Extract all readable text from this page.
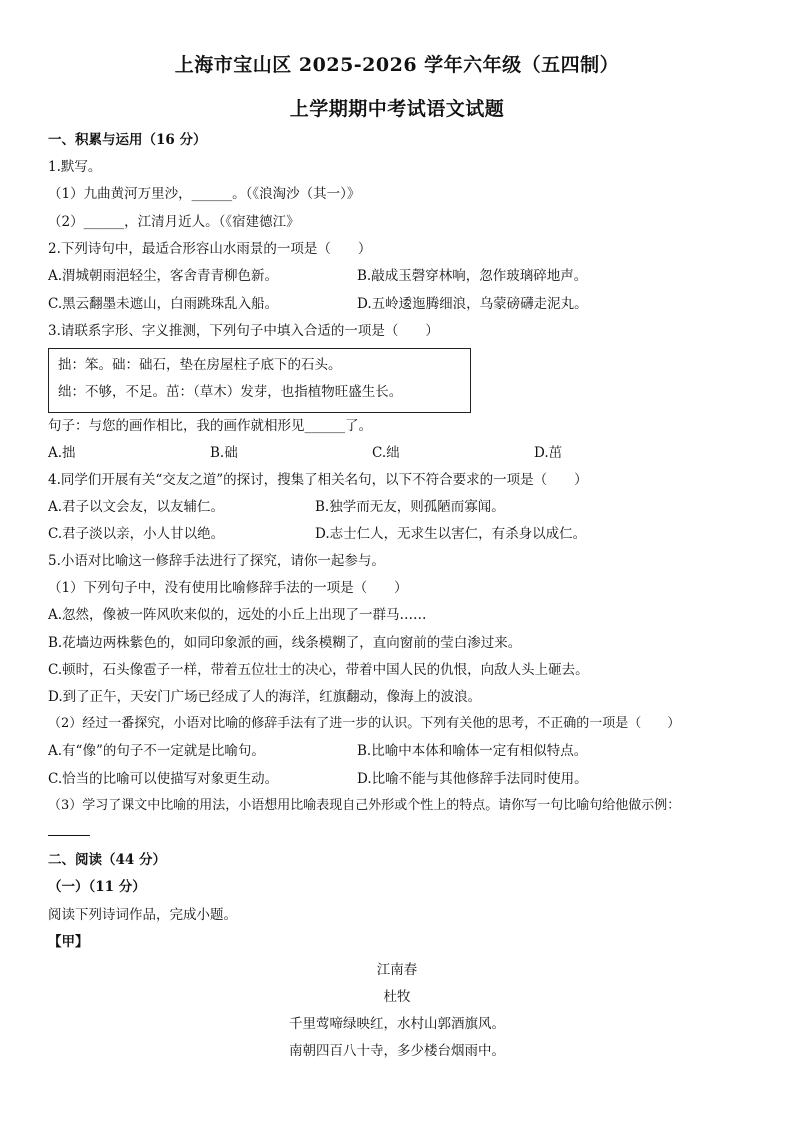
上海市宝山区 2025-2026 学年六年级（五四制）
上学期期中考试语文试题
一、积累与运用（16 分）
1.默写。
（1）九曲黄河万里沙，______。（《浪淘沙（其一）》
（2）______，江清月近人。（《宿建德江》
2.下列诗句中，最适合形容山水雨景的一项是（　　）
A.渭城朝雨浥轻尘，客舍青青柳色新。	B.敲成玉磬穿林响，忽作玻璃碎地声。
C.黑云翻墨未遮山，白雨跳珠乱入船。	D.五岭逶迤腾细浪，乌蒙磅礴走泥丸。
3.请联系字形、字义推测，下列句子中填入合适的一项是（　　）
拙：笨。础：础石，垫在房屋柱子底下的石头。
绌：不够，不足。茁：（草木）发芽，也指植物旺盛生长。
句子：与您的画作相比，我的画作就相形见______了。
A.拙	B.础	C.绌	D.茁
4.同学们开展有关“交友之道”的探讨，搜集了相关名句，以下不符合要求的一项是（　　）
A.君子以文会友，以友辅仁。	B.独学而无友，则孤陋而寡闻。
C.君子淡以亲，小人甘以绝。	D.志士仁人，无求生以害仁，有杀身以成仁。
5.小语对比喻这一修辞手法进行了探究，请你一起参与。
（1）下列句子中，没有使用比喻修辞手法的一项是（　　）
A.忽然，像被一阵风吹来似的，远处的小丘上出现了一群马……
B.花墙边两株紫色的，如同印象派的画，线条模糊了，直向窗前的莹白渗过来。
C.顿时，石头像雹子一样，带着五位壮士的决心，带着中国人民的仇恨，向敌人头上砸去。
D.到了正午，天安门广场已经成了人的海洋，红旗翻动，像海上的波浪。
（2）经过一番探究，小语对比喻的修辞手法有了进一步的认识。下列有关他的思考，不正确的一项是（　　）
A.有“像”的句子不一定就是比喻句。	B.比喻中本体和喻体一定有相似特点。
C.恰当的比喻可以使描写对象更生动。	D.比喻不能与其他修辞手法同时使用。
（3）学习了课文中比喻的用法，小语想用比喻表现自己外形或个性上的特点。请你写一句比喻句给他做示例：
二、阅读（44 分）
（一）（11 分）
阅读下列诗词作品，完成小题。
【甲】
江南春
杜牧
千里莺啼绿映红，水村山郭酒旗风。
南朝四百八十寺，多少楼台烟雨中。
